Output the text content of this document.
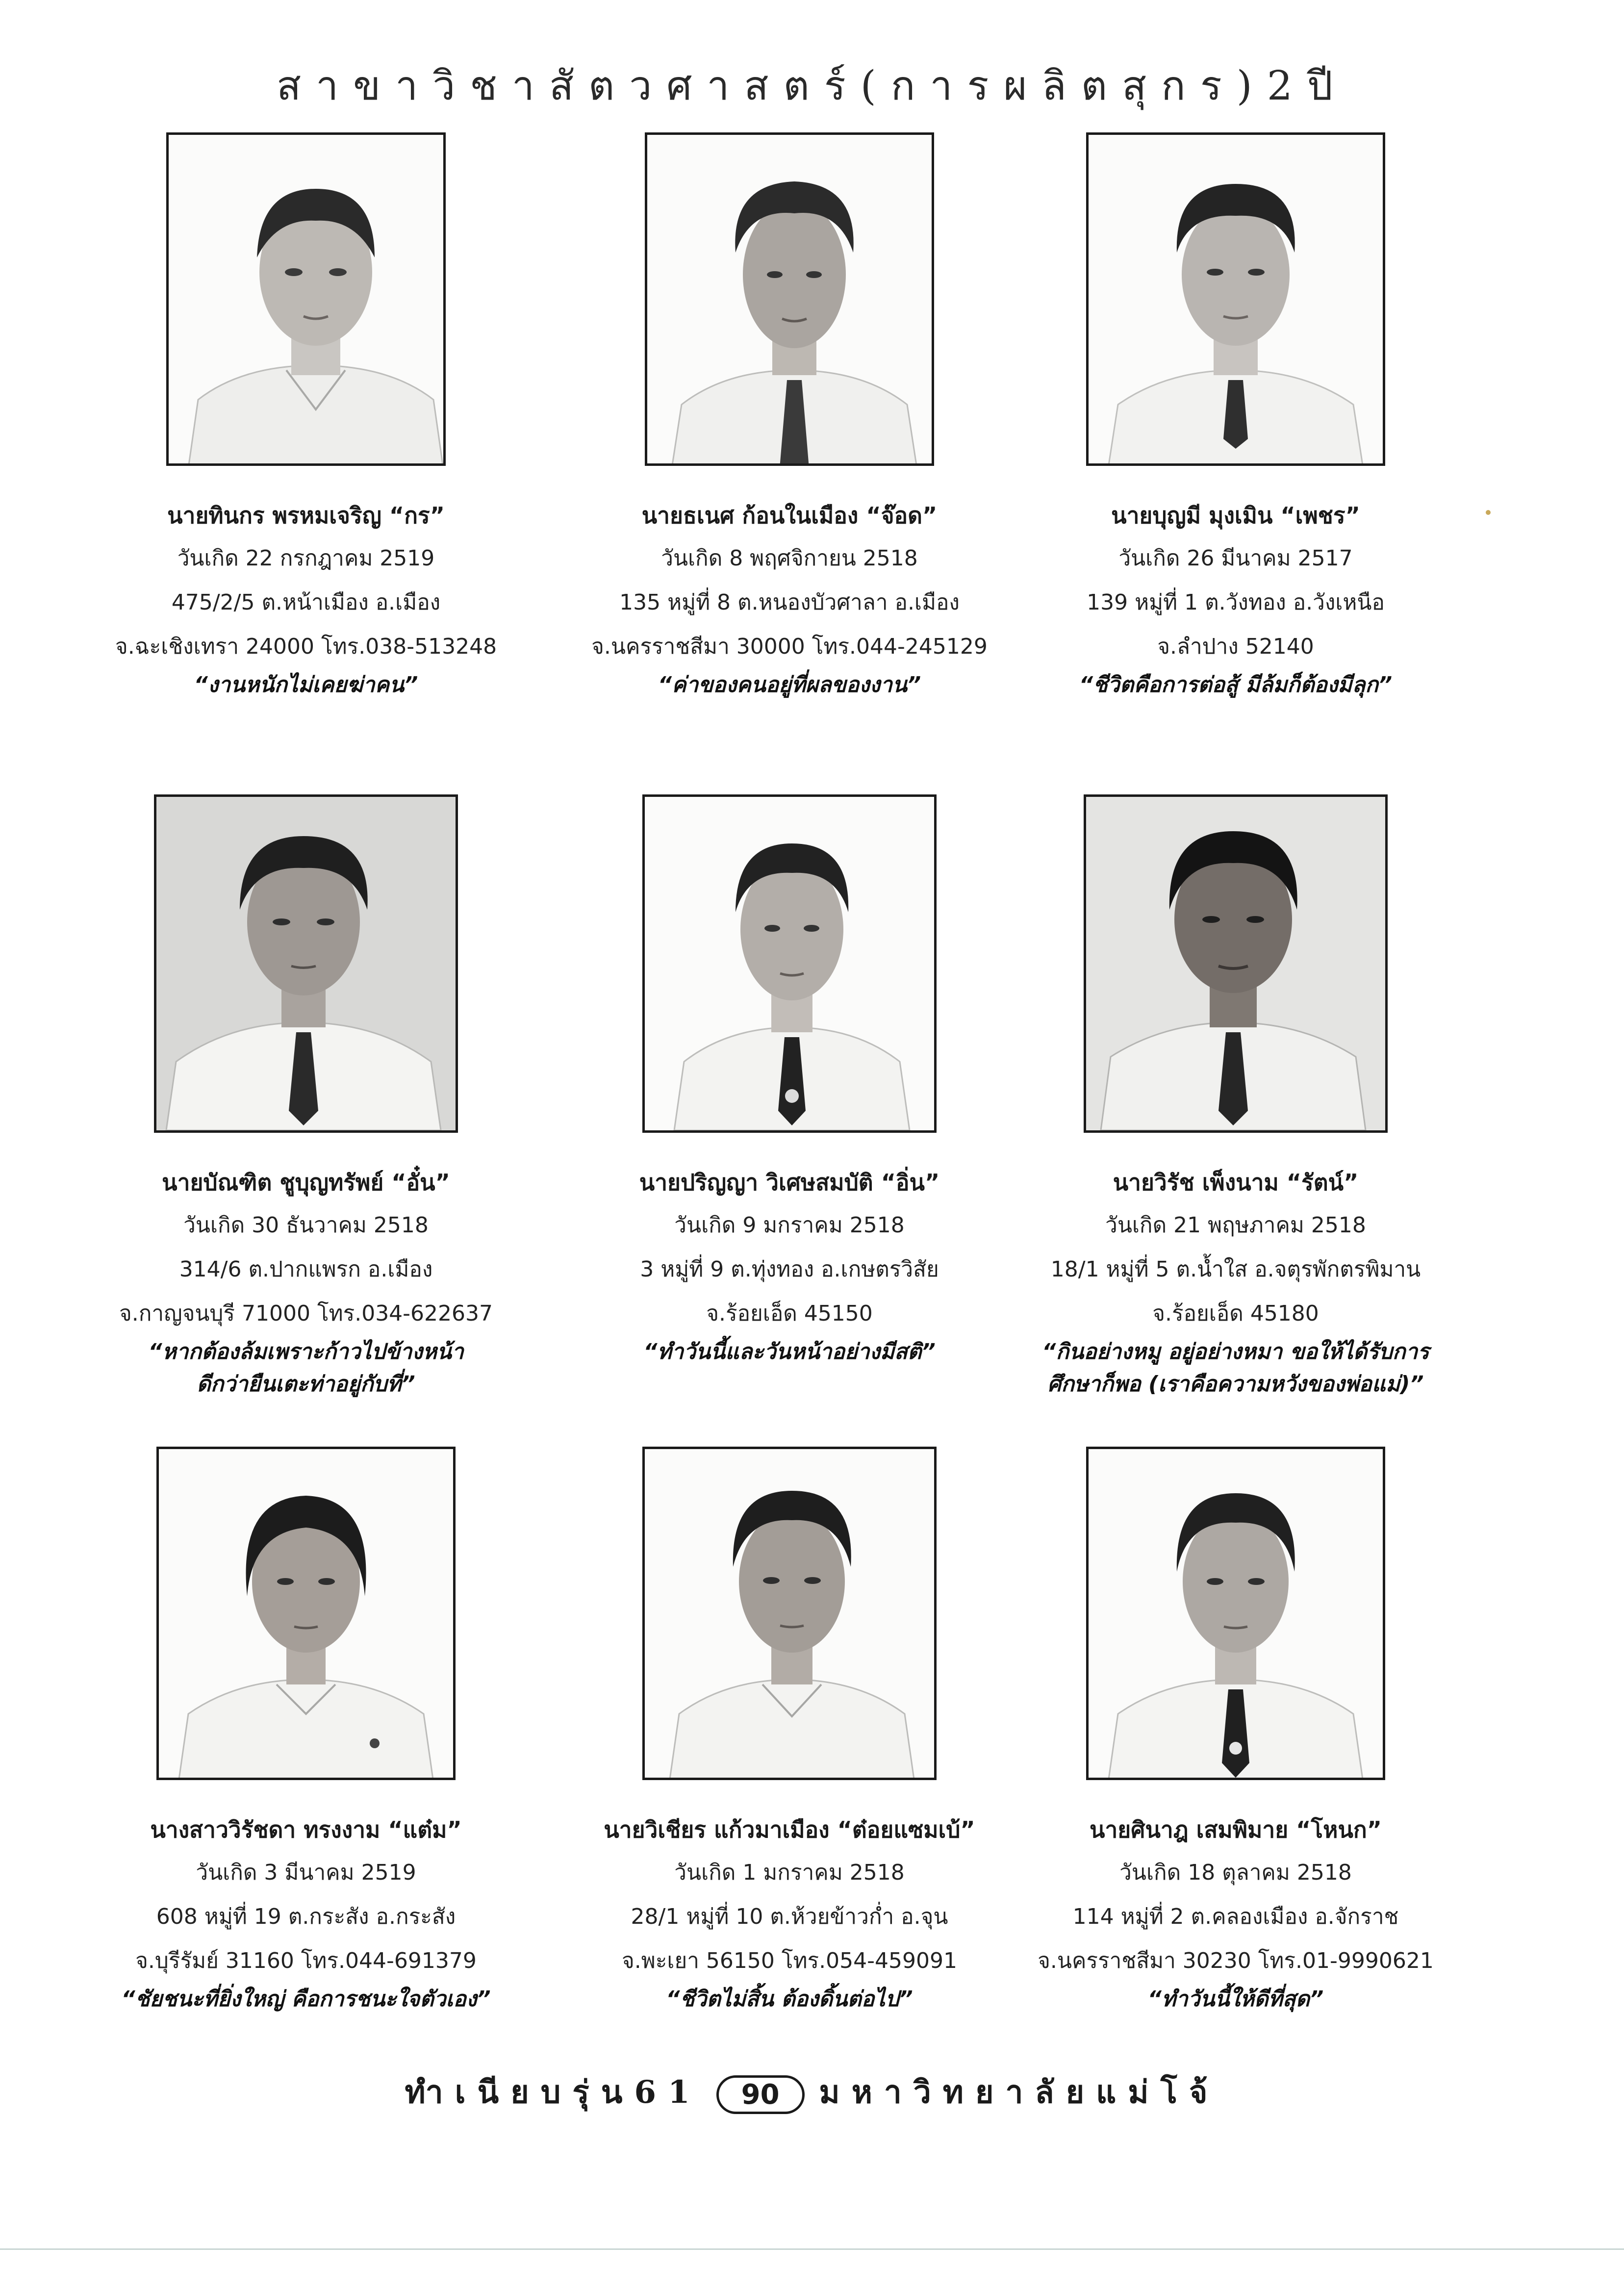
สาขาวิชาสัตวศาสตร์(การผลิตสุกร)2ปี
นายทินกร พรหมเจริญ “กร”
วันเกิด 22 กรกฎาคม 2519
475/2/5 ต.หน้าเมือง อ.เมือง
จ.ฉะเชิงเทรา 24000 โทร.038-513248
“งานหนักไม่เคยฆ่าคน”
นายธเนศ ก้อนในเมือง “จ๊อด”
วันเกิด 8 พฤศจิกายน 2518
135 หมู่ที่ 8 ต.หนองบัวศาลา อ.เมือง
จ.นครราชสีมา 30000 โทร.044-245129
“ค่าของคนอยู่ที่ผลของงาน”
นายบุญมี มุงเมิน “เพชร”
วันเกิด 26 มีนาคม 2517
139 หมู่ที่ 1 ต.วังทอง อ.วังเหนือ
จ.ลำปาง 52140
“ชีวิตคือการต่อสู้ มีล้มก็ต้องมีลุก”
นายบัณฑิต ชูบุญทรัพย์ “อั๋น”
วันเกิด 30 ธันวาคม 2518
314/6 ต.ปากแพรก อ.เมือง
จ.กาญจนบุรี 71000 โทร.034-622637
“หากต้องล้มเพราะก้าวไปข้างหน้า
ดีกว่ายืนเตะท่าอยู่กับที่”
นายปริญญา วิเศษสมบัติ “อิ่น”
วันเกิด 9 มกราคม 2518
3 หมู่ที่ 9 ต.ทุ่งทอง อ.เกษตรวิสัย
จ.ร้อยเอ็ด 45150
“ทำวันนี้และวันหน้าอย่างมีสติ”
นายวิรัช เพ็งนาม “รัตน์”
วันเกิด 21 พฤษภาคม 2518
18/1 หมู่ที่ 5 ต.น้ำใส อ.จตุรพักตรพิมาน
จ.ร้อยเอ็ด 45180
“กินอย่างหมู อยู่อย่างหมา ขอให้ได้รับการ
ศึกษาก็พอ (เราคือความหวังของพ่อแม่)”
นางสาววิรัชดา ทรงงาม “แต๋ม”
วันเกิด 3 มีนาคม 2519
608 หมู่ที่ 19 ต.กระสัง อ.กระสัง
จ.บุรีรัมย์ 31160 โทร.044-691379
“ชัยชนะที่ยิ่งใหญ่ คือการชนะใจตัวเอง”
นายวิเชียร แก้วมาเมือง “ต๋อยแซมเบ้”
วันเกิด 1 มกราคม 2518
28/1 หมู่ที่ 10 ต.ห้วยข้าวก่ำ อ.จุน
จ.พะเยา 56150 โทร.054-459091
“ชีวิตไม่สิ้น ต้องดิ้นต่อไป”
นายศินาฎ เสมพิมาย “โหนก”
วันเกิด 18 ตุลาคม 2518
114 หมู่ที่ 2 ต.คลองเมือง อ.จักราช
จ.นครราชสีมา 30230 โทร.01-9990621
“ทำวันนี้ให้ดีที่สุด”
ทำเนียบรุ่น61 90 มหาวิทยาลัยแม่โจ้
